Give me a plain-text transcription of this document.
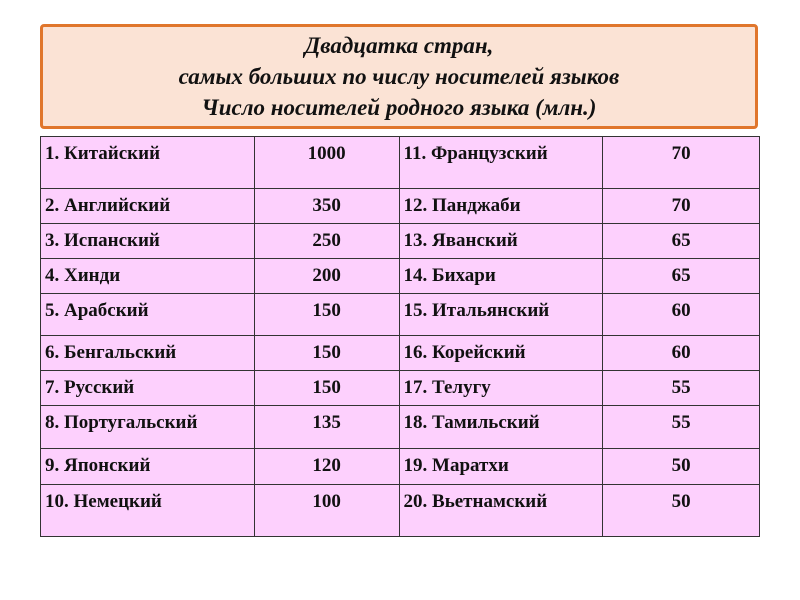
Двадцатка стран,
самых больших по числу носителей языков
Число носителей родного языка (млн.)
1. Китайский	1000	11. Французский	70
2. Английский	350	12. Панджаби	70
3. Испанский	250	13. Яванский	65
4. Хинди	200	14. Бихари	65
5. Арабский	150	15. Итальянский	60
6. Бенгальский	150	16. Корейский	60
7. Русский	150	17. Телугу	55
8. Португальский	135	18. Тамильский	55
9. Японский	120	19. Маратхи	50
10. Немецкий	100	20. Вьетнамский	50
